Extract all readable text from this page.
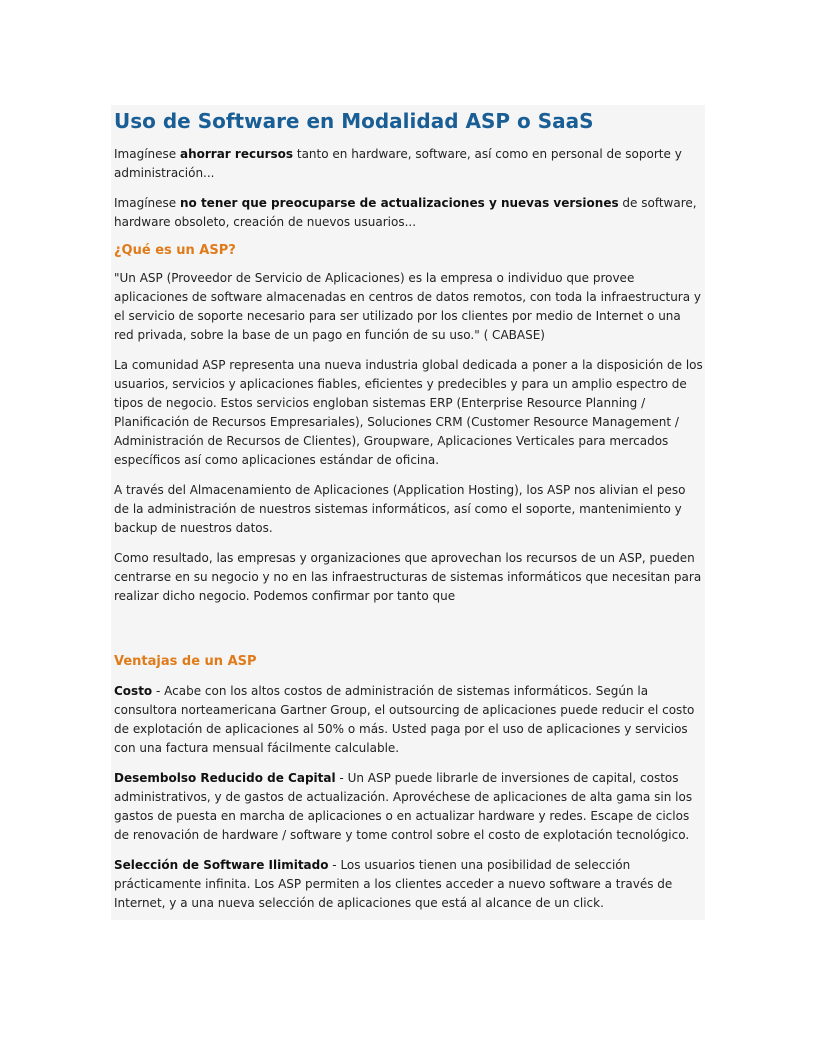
Uso de Software en Modalidad ASP o SaaS

Imagínese ahorrar recursos tanto en hardware, software, así como en personal de soporte y administración...

Imagínese no tener que preocuparse de actualizaciones y nuevas versiones de software, hardware obsoleto, creación de nuevos usuarios...

¿Qué es un ASP?

"Un ASP (Proveedor de Servicio de Aplicaciones) es la empresa o individuo que provee aplicaciones de software almacenadas en centros de datos remotos, con toda la infraestructura y el servicio de soporte necesario para ser utilizado por los clientes por medio de Internet o una red privada, sobre la base de un pago en función de su uso." ( CABASE)

La comunidad ASP representa una nueva industria global dedicada a poner a la disposición de los usuarios, servicios y aplicaciones fiables, eficientes y predecibles y para un amplio espectro de tipos de negocio. Estos servicios engloban sistemas ERP (Enterprise Resource Planning / Planificación de Recursos Empresariales), Soluciones CRM (Customer Resource Management / Administración de Recursos de Clientes), Groupware, Aplicaciones Verticales para mercados específicos así como aplicaciones estándar de oficina.

A través del Almacenamiento de Aplicaciones (Application Hosting), los ASP nos alivian el peso de la administración de nuestros sistemas informáticos, así como el soporte, mantenimiento y backup de nuestros datos.

Como resultado, las empresas y organizaciones que aprovechan los recursos de un ASP, pueden centrarse en su negocio y no en las infraestructuras de sistemas informáticos que necesitan para realizar dicho negocio. Podemos confirmar por tanto que

Ventajas de un ASP

Costo - Acabe con los altos costos de administración de sistemas informáticos. Según la consultora norteamericana Gartner Group, el outsourcing de aplicaciones puede reducir el costo de explotación de aplicaciones al 50% o más. Usted paga por el uso de aplicaciones y servicios con una factura mensual fácilmente calculable.

Desembolso Reducido de Capital - Un ASP puede librarle de inversiones de capital, costos administrativos, y de gastos de actualización. Aprovéchese de aplicaciones de alta gama sin los gastos de puesta en marcha de aplicaciones o en actualizar hardware y redes. Escape de ciclos de renovación de hardware / software y tome control sobre el costo de explotación tecnológico.

Selección de Software Ilimitado - Los usuarios tienen una posibilidad de selección prácticamente infinita. Los ASP permiten a los clientes acceder a nuevo software a través de Internet, y a una nueva selección de aplicaciones que está al alcance de un click.
